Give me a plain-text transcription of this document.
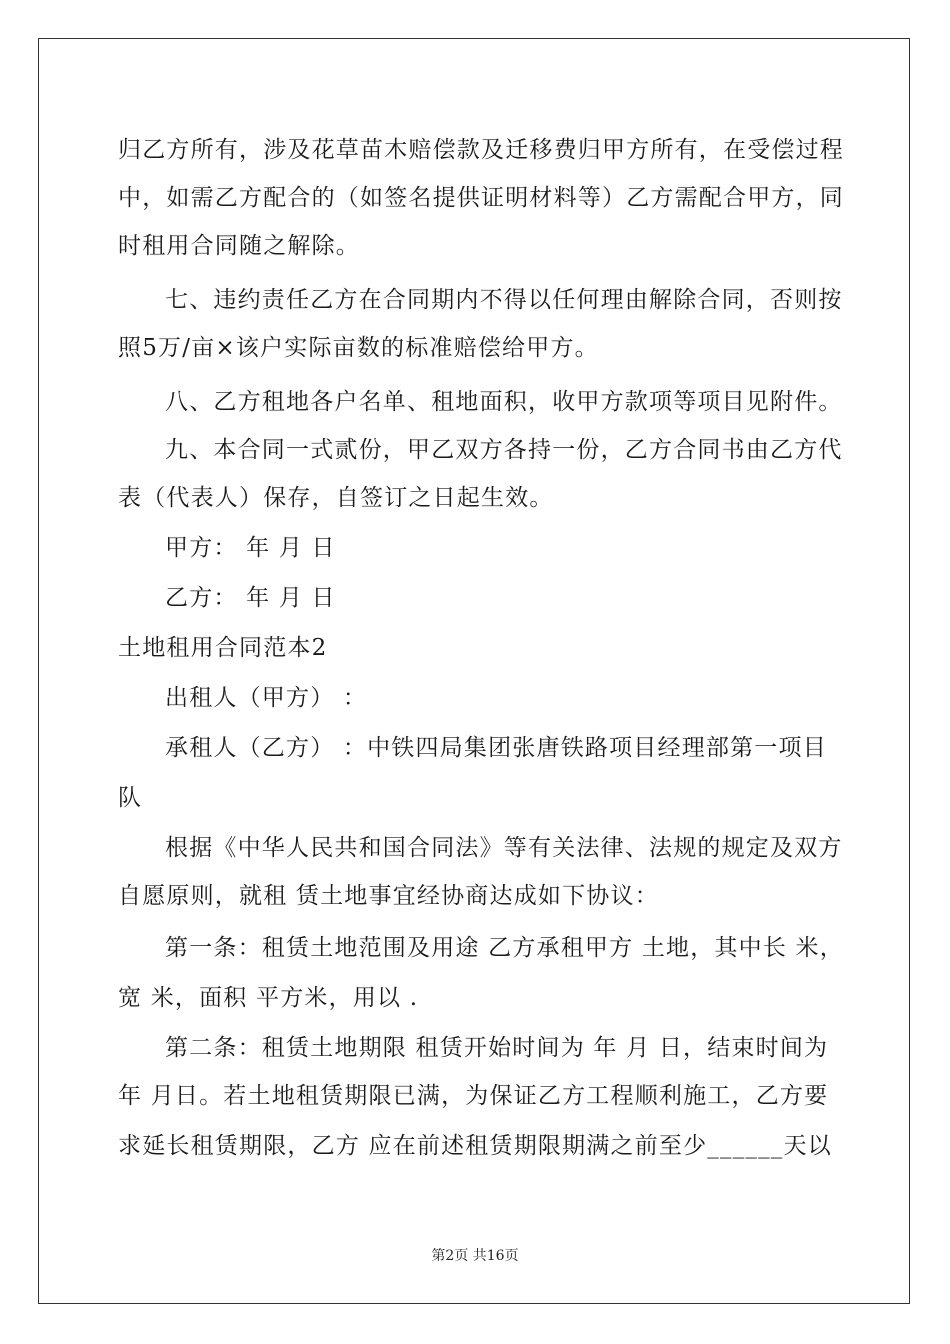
归乙方所有，涉及花草苗木赔偿款及迁移费归甲方所有，在受偿过程
中，如需乙方配合的（如签名提供证明材料等）乙方需配合甲方，同
时租用合同随之解除。
七、违约责任乙方在合同期内不得以任何理由解除合同，否则按
照5万/亩×该户实际亩数的标准赔偿给甲方。
八、乙方租地各户名单、租地面积，收甲方款项等项目见附件。
九、本合同一式贰份，甲乙双方各持一份，乙方合同书由乙方代
表（代表人）保存，自签订之日起生效。
甲方： 年 月 日
乙方： 年 月 日
土地租用合同范本2
出租人（甲方） ：
承租人（乙方） ：中铁四局集团张唐铁路项目经理部第一项目
队
根据《中华人民共和国合同法》等有关法律、法规的规定及双方
自愿原则，就租 赁土地事宜经协商达成如下协议：
第一条：租赁土地范围及用途 乙方承租甲方 土地，其中长 米，
宽 米，面积 平方米，用以 .
第二条：租赁土地期限 租赁开始时间为 年 月 日，结束时间为
年 月日。若土地租赁期限已满，为保证乙方工程顺利施工，乙方要
求延长租赁期限，乙方 应在前述租赁期限期满之前至少______天以
第2页 共16页
